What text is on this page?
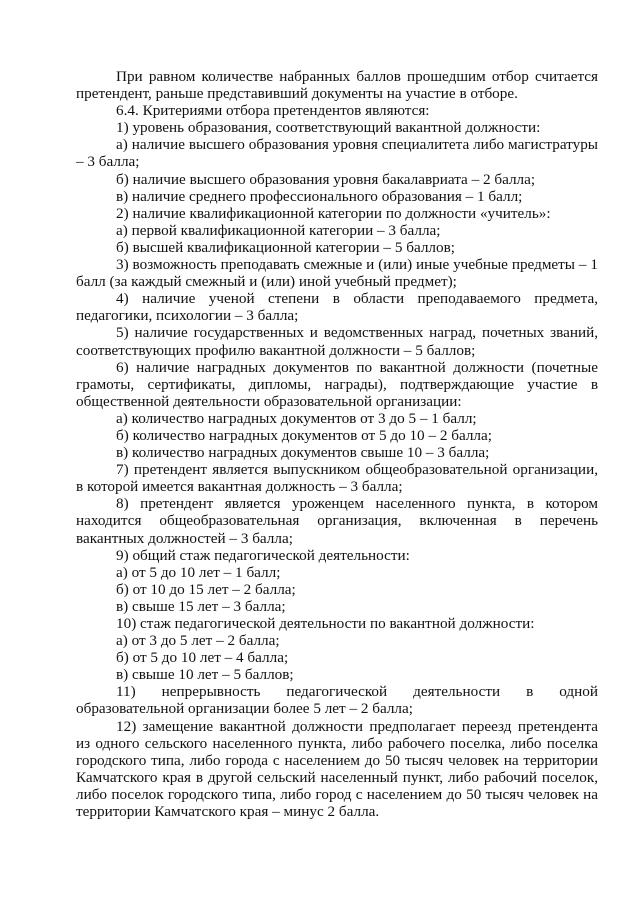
При равном количестве набранных баллов прошедшим отбор считается претендент, раньше представивший документы на участие в отборе.

6.4. Критериями отбора претендентов являются:

1) уровень образования, соответствующий вакантной должности:

а) наличие высшего образования уровня специалитета либо магистратуры – 3 балла;

б) наличие высшего образования уровня бакалавриата – 2 балла;

в) наличие среднего профессионального образования – 1 балл;

2) наличие квалификационной категории по должности «учитель»:

а) первой квалификационной категории – 3 балла;

б) высшей квалификационной категории – 5 баллов;

3) возможность преподавать смежные и (или) иные учебные предметы – 1 балл (за каждый смежный и (или) иной учебный предмет);

4) наличие ученой степени в области преподаваемого предмета, педагогики, психологии – 3 балла;

5) наличие государственных и ведомственных наград, почетных званий, соответствующих профилю вакантной должности – 5 баллов;

6) наличие наградных документов по вакантной должности (почетные грамоты, сертификаты, дипломы, награды), подтверждающие участие в общественной деятельности образовательной организации:

а) количество наградных документов от 3 до 5 – 1 балл;

б) количество наградных документов от 5 до 10 – 2 балла;

в) количество наградных документов свыше 10 – 3 балла;

7) претендент является выпускником общеобразовательной организации, в которой имеется вакантная должность – 3 балла;

8) претендент является уроженцем населенного пункта, в котором находится общеобразовательная организация, включенная в перечень вакантных должностей – 3 балла;

9) общий стаж педагогической деятельности:

а) от 5 до 10 лет – 1 балл;

б) от 10 до 15 лет – 2 балла;

в) свыше 15 лет – 3 балла;

10) стаж педагогической деятельности по вакантной должности:

а) от 3 до 5 лет – 2 балла;

б) от 5 до 10 лет – 4 балла;

в) свыше 10 лет – 5 баллов;

11) непрерывность педагогической деятельности в одной образовательной организации более 5 лет – 2 балла;

12) замещение вакантной должности предполагает переезд претендента из одного сельского населенного пункта, либо рабочего поселка, либо поселка городского типа, либо города с населением до 50 тысяч человек на территории Камчатского края в другой сельский населенный пункт, либо рабочий поселок, либо поселок городского типа, либо город с населением до 50 тысяч человек на территории Камчатского края – минус 2 балла.
